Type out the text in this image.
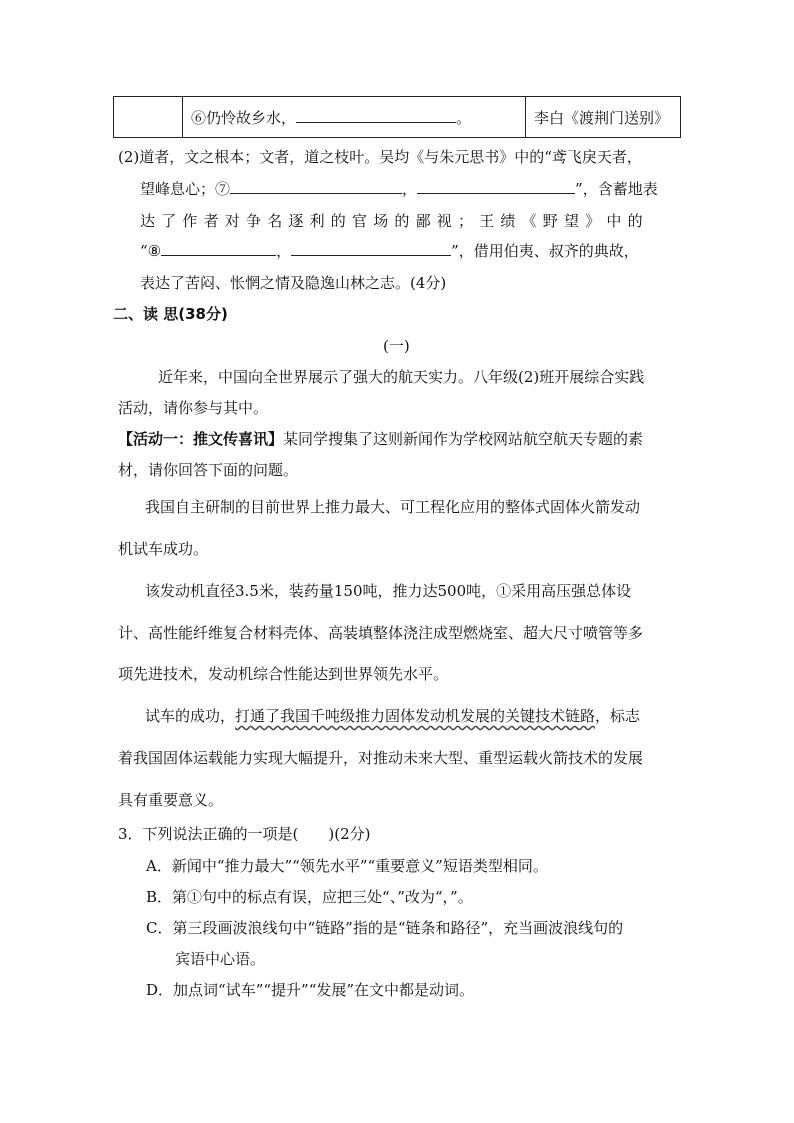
	⑥仍怜故乡水，	。	李白《渡荆门送别》
(2)道者，文之根本；文者，道之枝叶。吴均《与朱元思书》中的“鸢飞戾天者，
望峰息心；⑦	，	”，含蓄地表
达了作者对争名逐利的官场的鄙视；王绩《野望》中的
“⑧	，	”，借用伯夷、叔齐的典故，
表达了苦闷、怅惘之情及隐逸山林之志。(4分)
二、读 思(38分)
(一)
近年来，中国向全世界展示了强大的航天实力。八年级(2)班开展综合实践
活动，请你参与其中。
【活动一：推文传喜讯】某同学搜集了这则新闻作为学校网站航空航天专题的素
材，请你回答下面的问题。
我国自主研制的目前世界上推力最大、可工程化应用的整体式固体火箭发动
机试车成功。
该发动机直径3.5米，装药量150吨，推力达500吨，①采用高压强总体设
计、高性能纤维复合材料壳体、高装填整体浇注成型燃烧室、超大尺寸喷管等多
项先进技术，发动机综合性能达到世界领先水平。
试车的成功，打通了我国千吨级推力固体发动机发展的关键技术链路，标志
着我国固体运载能力实现大幅提升，对推动未来大型、重型运载火箭技术的发展
具有重要意义。
3．下列说法正确的一项是(　　)(2分)
A．新闻中“推力最大”“领先水平”“重要意义”短语类型相同。
B．第①句中的标点有误，应把三处“、”改为“，”。
C．第三段画波浪线句中“链路”指的是“链条和路径”，充当画波浪线句的
宾语中心语。
D．加点词“试车”“提升”“发展”在文中都是动词。
